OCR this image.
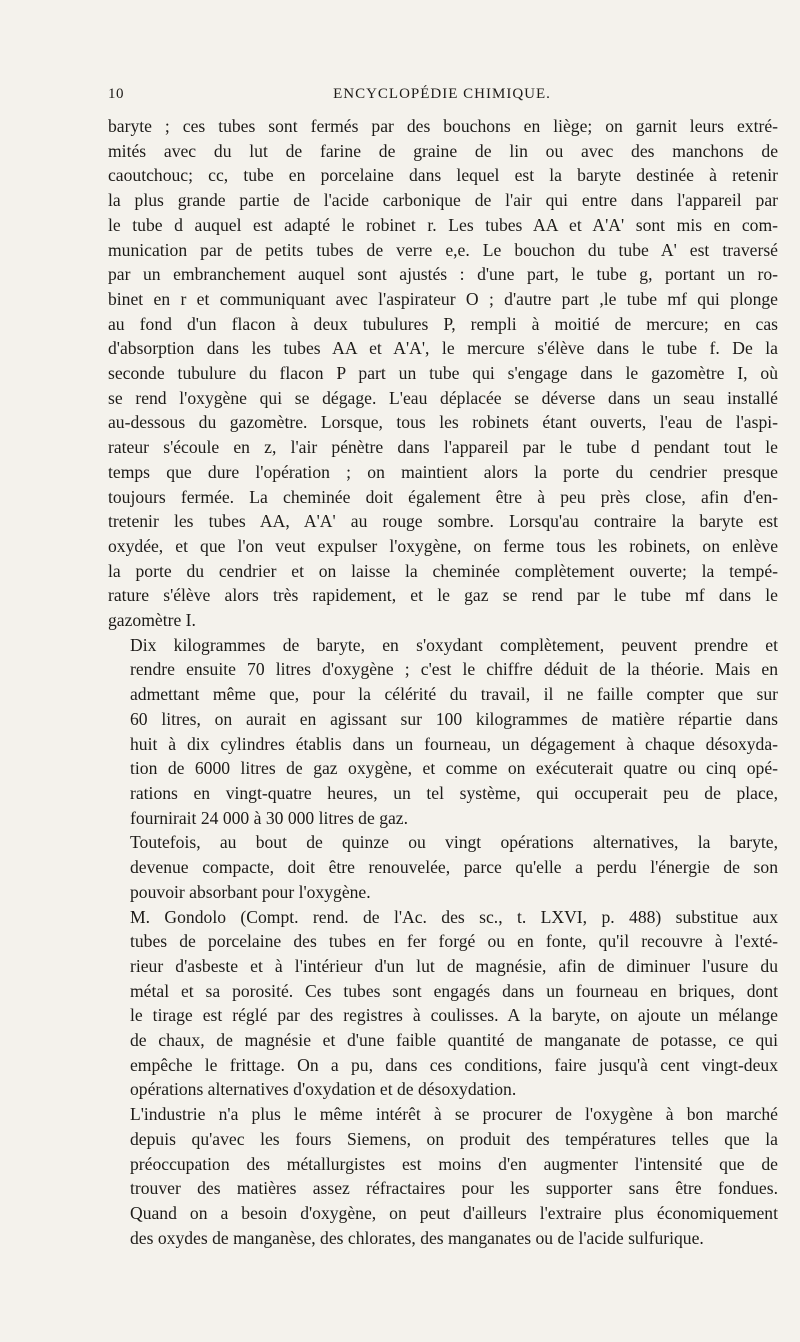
10	ENCYCLOPÉDIE CHIMIQUE.

baryte ; ces tubes sont fermés par des bouchons en liège; on garnit leurs extré-
mités avec du lut de farine de graine de lin ou avec des manchons de
caoutchouc; cc, tube en porcelaine dans lequel est la baryte destinée à retenir
la plus grande partie de l'acide carbonique de l'air qui entre dans l'appareil par
le tube d auquel est adapté le robinet r. Les tubes AA et A'A' sont mis en com-
munication par de petits tubes de verre e,e. Le bouchon du tube A' est traversé
par un embranchement auquel sont ajustés : d'une part, le tube g, portant un ro-
binet en r et communiquant avec l'aspirateur O ; d'autre part ,le tube mf qui plonge
au fond d'un flacon à deux tubulures P, rempli à moitié de mercure; en cas
d'absorption dans les tubes AA et A'A', le mercure s'élève dans le tube f. De la
seconde tubulure du flacon P part un tube qui s'engage dans le gazomètre I, où
se rend l'oxygène qui se dégage. L'eau déplacée se déverse dans un seau installé
au-dessous du gazomètre. Lorsque, tous les robinets étant ouverts, l'eau de l'aspi-
rateur s'écoule en z, l'air pénètre dans l'appareil par le tube d pendant tout le
temps que dure l'opération ; on maintient alors la porte du cendrier presque
toujours fermée. La cheminée doit également être à peu près close, afin d'en-
tretenir les tubes AA, A'A' au rouge sombre. Lorsqu'au contraire la baryte est
oxydée, et que l'on veut expulser l'oxygène, on ferme tous les robinets, on enlève
la porte du cendrier et on laisse la cheminée complètement ouverte; la tempé-
rature s'élève alors très rapidement, et le gaz se rend par le tube mf dans le
gazomètre I.

Dix kilogrammes de baryte, en s'oxydant complètement, peuvent prendre et
rendre ensuite 70 litres d'oxygène ; c'est le chiffre déduit de la théorie. Mais en
admettant même que, pour la célérité du travail, il ne faille compter que sur
60 litres, on aurait en agissant sur 100 kilogrammes de matière répartie dans
huit à dix cylindres établis dans un fourneau, un dégagement à chaque désoxyda-
tion de 6000 litres de gaz oxygène, et comme on exécuterait quatre ou cinq opé-
rations en vingt-quatre heures, un tel système, qui occuperait peu de place,
fournirait 24 000 à 30 000 litres de gaz.

Toutefois, au bout de quinze ou vingt opérations alternatives, la baryte,
devenue compacte, doit être renouvelée, parce qu'elle a perdu l'énergie de son
pouvoir absorbant pour l'oxygène.

M. Gondolo (Compt. rend. de l'Ac. des sc., t. LXVI, p. 488) substitue aux
tubes de porcelaine des tubes en fer forgé ou en fonte, qu'il recouvre à l'exté-
rieur d'asbeste et à l'intérieur d'un lut de magnésie, afin de diminuer l'usure du
métal et sa porosité. Ces tubes sont engagés dans un fourneau en briques, dont
le tirage est réglé par des registres à coulisses. A la baryte, on ajoute un mélange
de chaux, de magnésie et d'une faible quantité de manganate de potasse, ce qui
empêche le frittage. On a pu, dans ces conditions, faire jusqu'à cent vingt-deux
opérations alternatives d'oxydation et de désoxydation.

L'industrie n'a plus le même intérêt à se procurer de l'oxygène à bon marché
depuis qu'avec les fours Siemens, on produit des températures telles que la
préoccupation des métallurgistes est moins d'en augmenter l'intensité que de
trouver des matières assez réfractaires pour les supporter sans être fondues.
Quand on a besoin d'oxygène, on peut d'ailleurs l'extraire plus économiquement
des oxydes de manganèse, des chlorates, des manganates ou de l'acide sulfurique.
